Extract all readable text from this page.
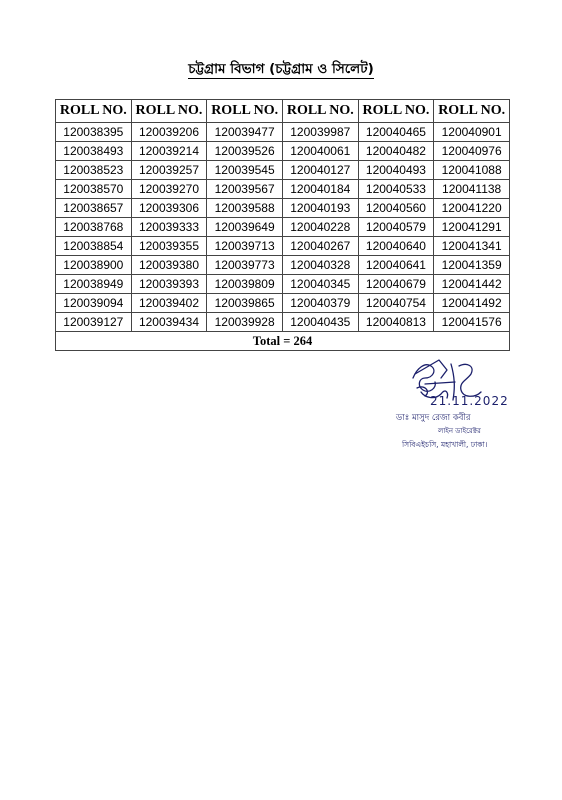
চট্টগ্রাম বিভাগ (চট্টগ্রাম ও সিলেট)
ROLL NO.	ROLL NO.	ROLL NO.	ROLL NO.	ROLL NO.	ROLL NO.
120038395	120039206	120039477	120039987	120040465	120040901
120038493	120039214	120039526	120040061	120040482	120040976
120038523	120039257	120039545	120040127	120040493	120041088
120038570	120039270	120039567	120040184	120040533	120041138
120038657	120039306	120039588	120040193	120040560	120041220
120038768	120039333	120039649	120040228	120040579	120041291
120038854	120039355	120039713	120040267	120040640	120041341
120038900	120039380	120039773	120040328	120040641	120041359
120038949	120039393	120039809	120040345	120040679	120041442
120039094	120039402	120039865	120040379	120040754	120041492
120039127	120039434	120039928	120040435	120040813	120041576
Total = 264					
21.11.2022
ডাঃ মাসুদ রেজা কবীর
লাইন ডাইরেক্টর
সিবিএইচসি, মহাখালী, ঢাকা।
